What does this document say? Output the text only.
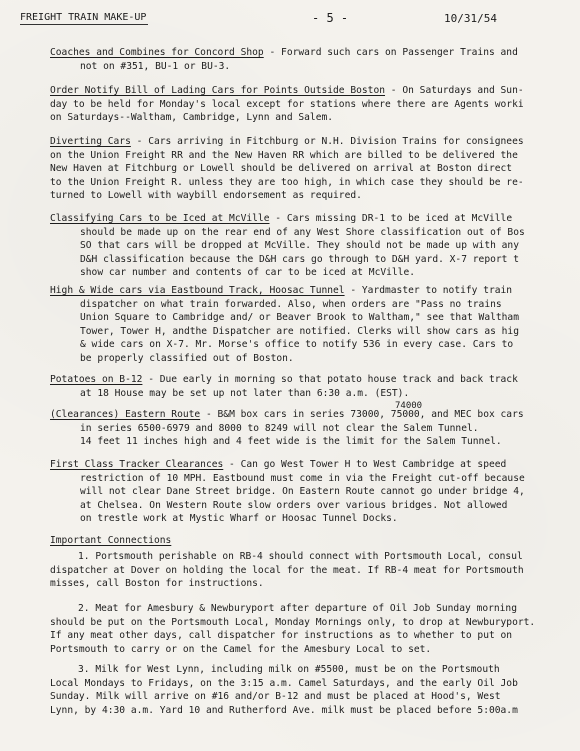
FREIGHT TRAIN MAKE-UP	- 5 -	10/31/54
Coaches and Combines for Concord Shop - Forward such cars on Passenger Trains and
not on #351, BU-1 or BU-3.
Order Notify Bill of Lading Cars for Points Outside Boston - On Saturdays and Sun-
day to be held for Monday's local except for stations where there are Agents worki
on Saturdays--Waltham, Cambridge, Lynn and Salem.
Diverting Cars - Cars arriving in Fitchburg or N.H. Division Trains for consignees
on the Union Freight RR and the New Haven RR which are billed to be delivered the
New Haven at Fitchburg or Lowell should be delivered on arrival at Boston direct
to the Union Freight R. unless they are too high, in which case they should be re-
turned to Lowell with waybill endorsement as required.
Classifying Cars to be Iced at McVille - Cars missing DR-1 to be iced at McVille
should be made up on the rear end of any West Shore classification out of Bos
SO that cars will be dropped at McVille. They should not be made up with any
D&H classification because the D&H cars go through to D&H yard. X-7 report t
show car number and contents of car to be iced at McVille.
High & Wide cars via Eastbound Track, Hoosac Tunnel - Yardmaster to notify train
dispatcher on what train forwarded. Also, when orders are "Pass no trains
Union Square to Cambridge and/ or Beaver Brook to Waltham," see that Waltham
Tower, Tower H, andthe Dispatcher are notified. Clerks will show cars as hig
& wide cars on X-7. Mr. Morse's office to notify 536 in every case. Cars to
be properly classified out of Boston.
Potatoes on B-12 - Due early in morning so that potato house track and back track
at 18 House may be set up not later than 6:30 a.m. (EST).
74000
(Clearances) Eastern Route - B&M box cars in series 73000, 75000, and MEC box cars
in series 6500-6979 and 8000 to 8249 will not clear the Salem Tunnel.
14 feet 11 inches high and 4 feet wide is the limit for the Salem Tunnel.
First Class Tracker Clearances - Can go West Tower H to West Cambridge at speed
restriction of 10 MPH. Eastbound must come in via the Freight cut-off because
will not clear Dane Street bridge. On Eastern Route cannot go under bridge 4,
at Chelsea. On Western Route slow orders over various bridges. Not allowed
on trestle work at Mystic Wharf or Hoosac Tunnel Docks.
Important Connections
1. Portsmouth perishable on RB-4 should connect with Portsmouth Local, consul
dispatcher at Dover on holding the local for the meat. If RB-4 meat for Portsmouth
misses, call Boston for instructions.
2. Meat for Amesbury & Newburyport after departure of Oil Job Sunday morning
should be put on the Portsmouth Local, Monday Mornings only, to drop at Newburyport.
If any meat other days, call dispatcher for instructions as to whether to put on
Portsmouth to carry or on the Camel for the Amesbury Local to set.
3. Milk for West Lynn, including milk on #5500, must be on the Portsmouth
Local Mondays to Fridays, on the 3:15 a.m. Camel Saturdays, and the early Oil Job
Sunday. Milk will arrive on #16 and/or B-12 and must be placed at Hood's, West
Lynn, by 4:30 a.m. Yard 10 and Rutherford Ave. milk must be placed before 5:00a.m
